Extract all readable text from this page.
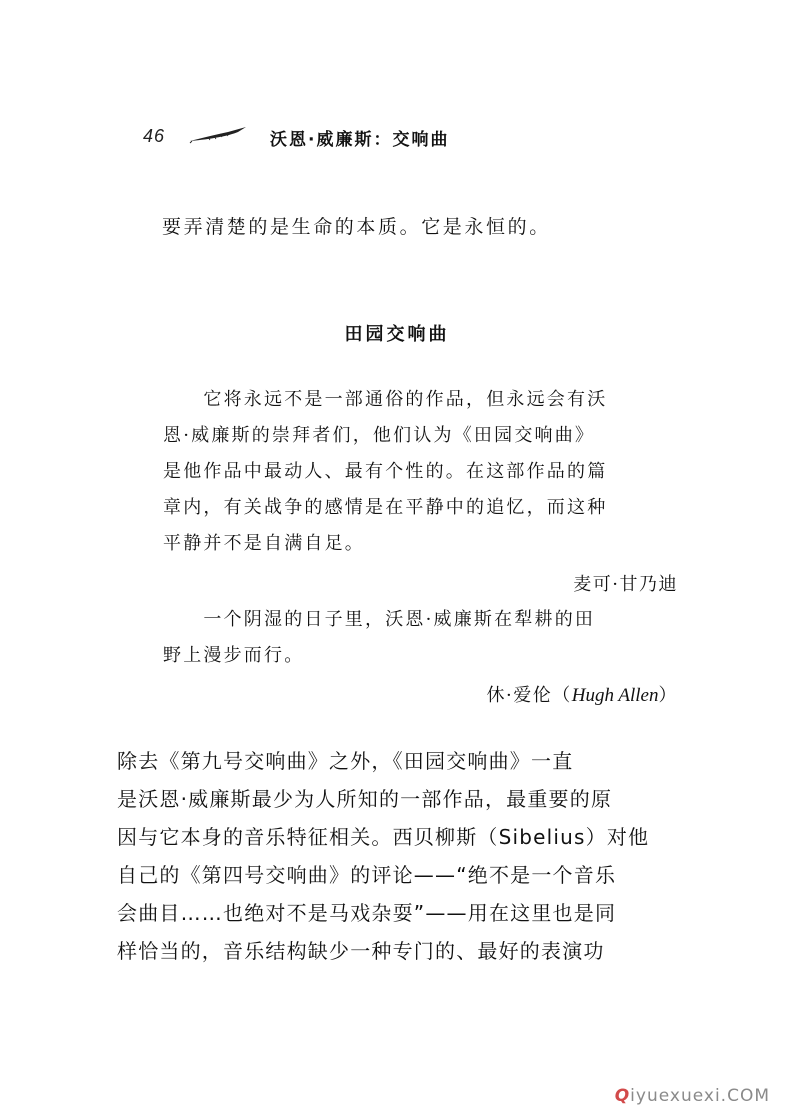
46	沃恩·威廉斯：交响曲
要弄清楚的是生命的本质。它是永恒的。
田园交响曲
　　它将永远不是一部通俗的作品，但永远会有沃
恩·威廉斯的崇拜者们，他们认为《田园交响曲》
是他作品中最动人、最有个性的。在这部作品的篇
章内，有关战争的感情是在平静中的追忆，而这种
平静并不是自满自足。
麦可·甘乃迪
　　一个阴湿的日子里，沃恩·威廉斯在犁耕的田
野上漫步而行。
休·爱伦（Hugh Allen）
除去《第九号交响曲》之外，《田园交响曲》一直
是沃恩·威廉斯最少为人所知的一部作品，最重要的原
因与它本身的音乐特征相关。西贝柳斯（Sibelius）对他
自己的《第四号交响曲》的评论——“绝不是一个音乐
会曲目……也绝对不是马戏杂耍”——用在这里也是同
样恰当的，音乐结构缺少一种专门的、最好的表演功
Qiyuexuexi.COM
